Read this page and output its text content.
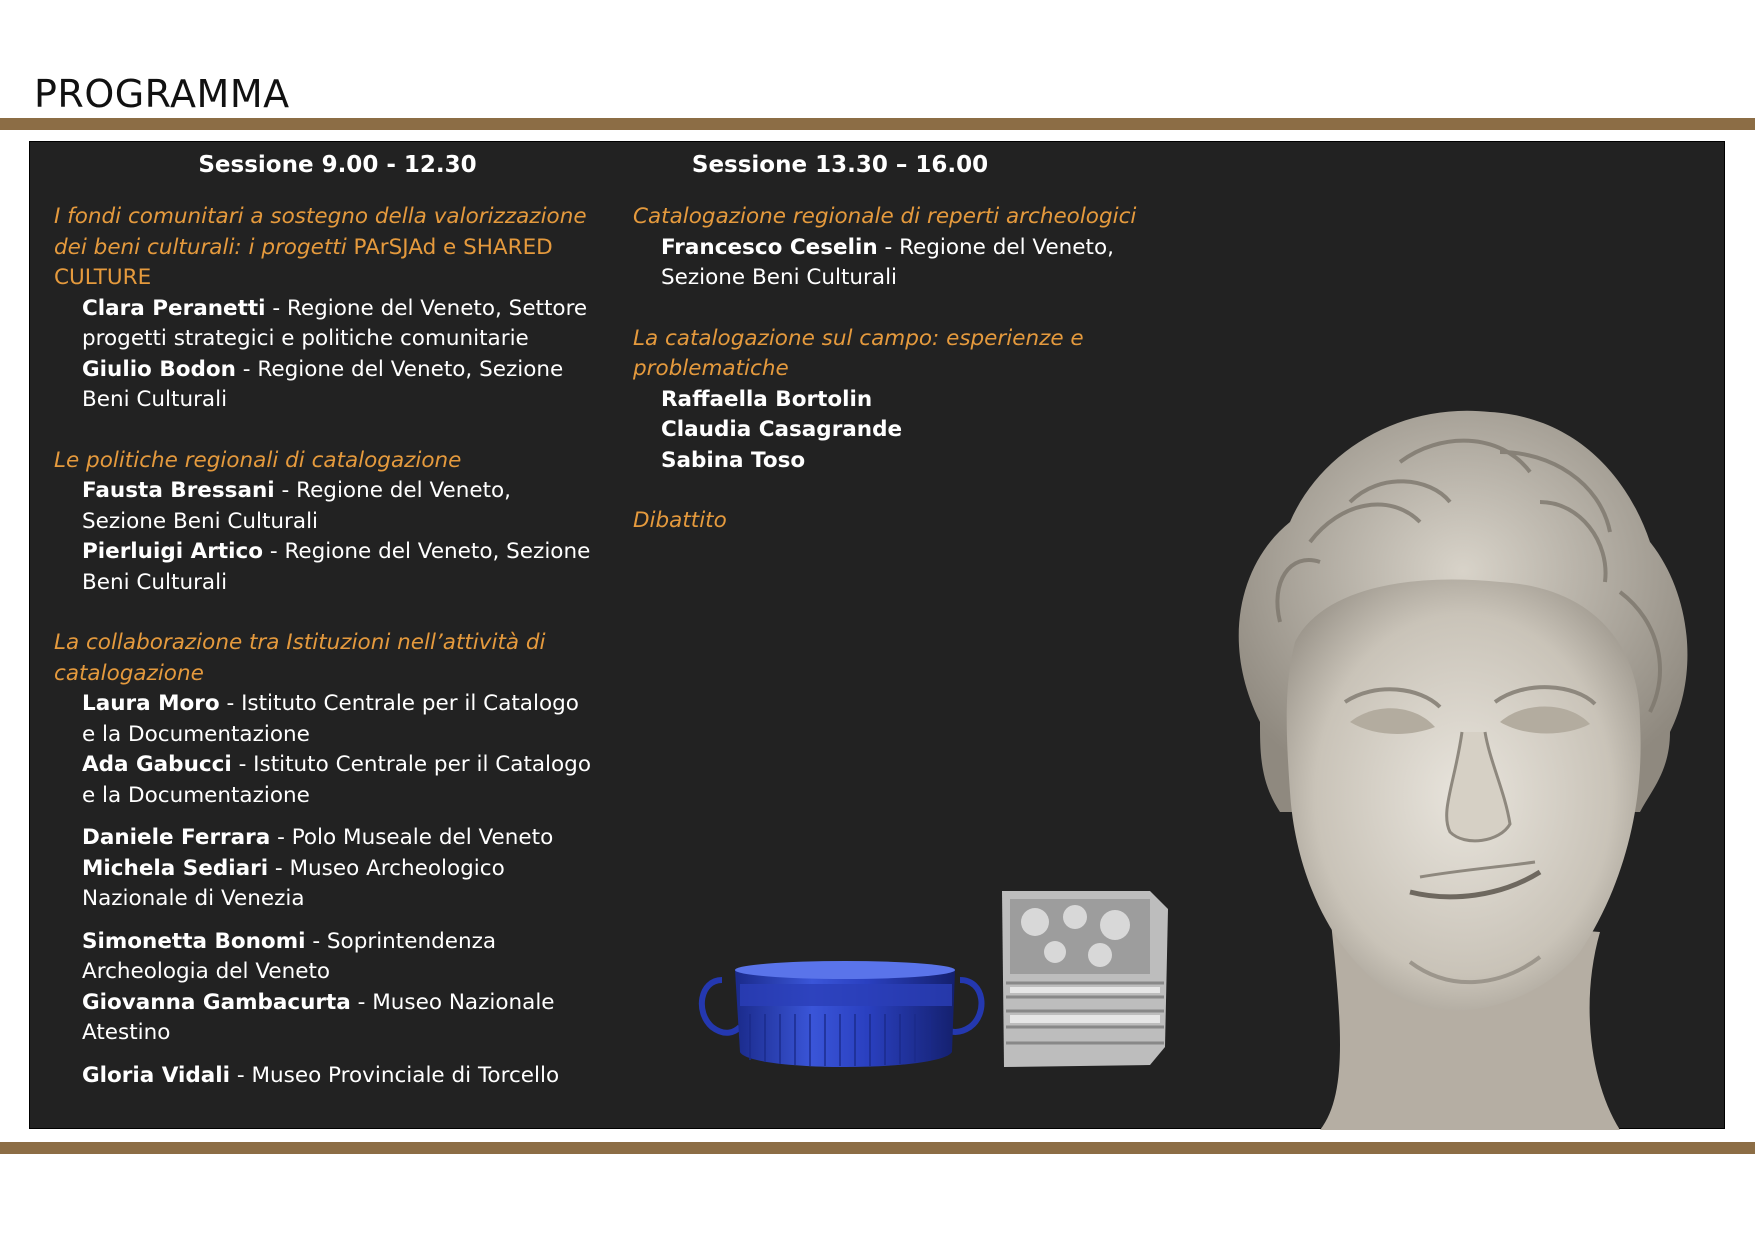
PROGRAMMA
Sessione 9.00 - 12.30	Sessione 13.30 – 16.00

I fondi comunitari a sostegno della valorizzazione dei beni culturali: i progetti PArSJAd e SHARED CULTURE

Clara Peranetti - Regione del Veneto, Settore progetti strategici e politiche comunitarie

Giulio Bodon - Regione del Veneto, Sezione Beni Culturali

Le politiche regionali di catalogazione

Fausta Bressani - Regione del Veneto, Sezione Beni Culturali

Pierluigi Artico - Regione del Veneto, Sezione Beni Culturali

La collaborazione tra Istituzioni nell’attività di catalogazione

Laura Moro - Istituto Centrale per il Catalogo e la Documentazione

Ada Gabucci - Istituto Centrale per il Catalogo e la Documentazione

Daniele Ferrara - Polo Museale del Veneto

Michela Sediari - Museo Archeologico Nazionale di Venezia

Simonetta Bonomi - Soprintendenza Archeologia del Veneto

Giovanna Gambacurta - Museo Nazionale Atestino

Gloria Vidali - Museo Provinciale di Torcello

Catalogazione regionale di reperti archeologici

Francesco Ceselin - Regione del Veneto, Sezione Beni Culturali

La catalogazione sul campo: esperienze e problematiche

Raffaella Bortolin

Claudia Casagrande

Sabina Toso

Dibattito
